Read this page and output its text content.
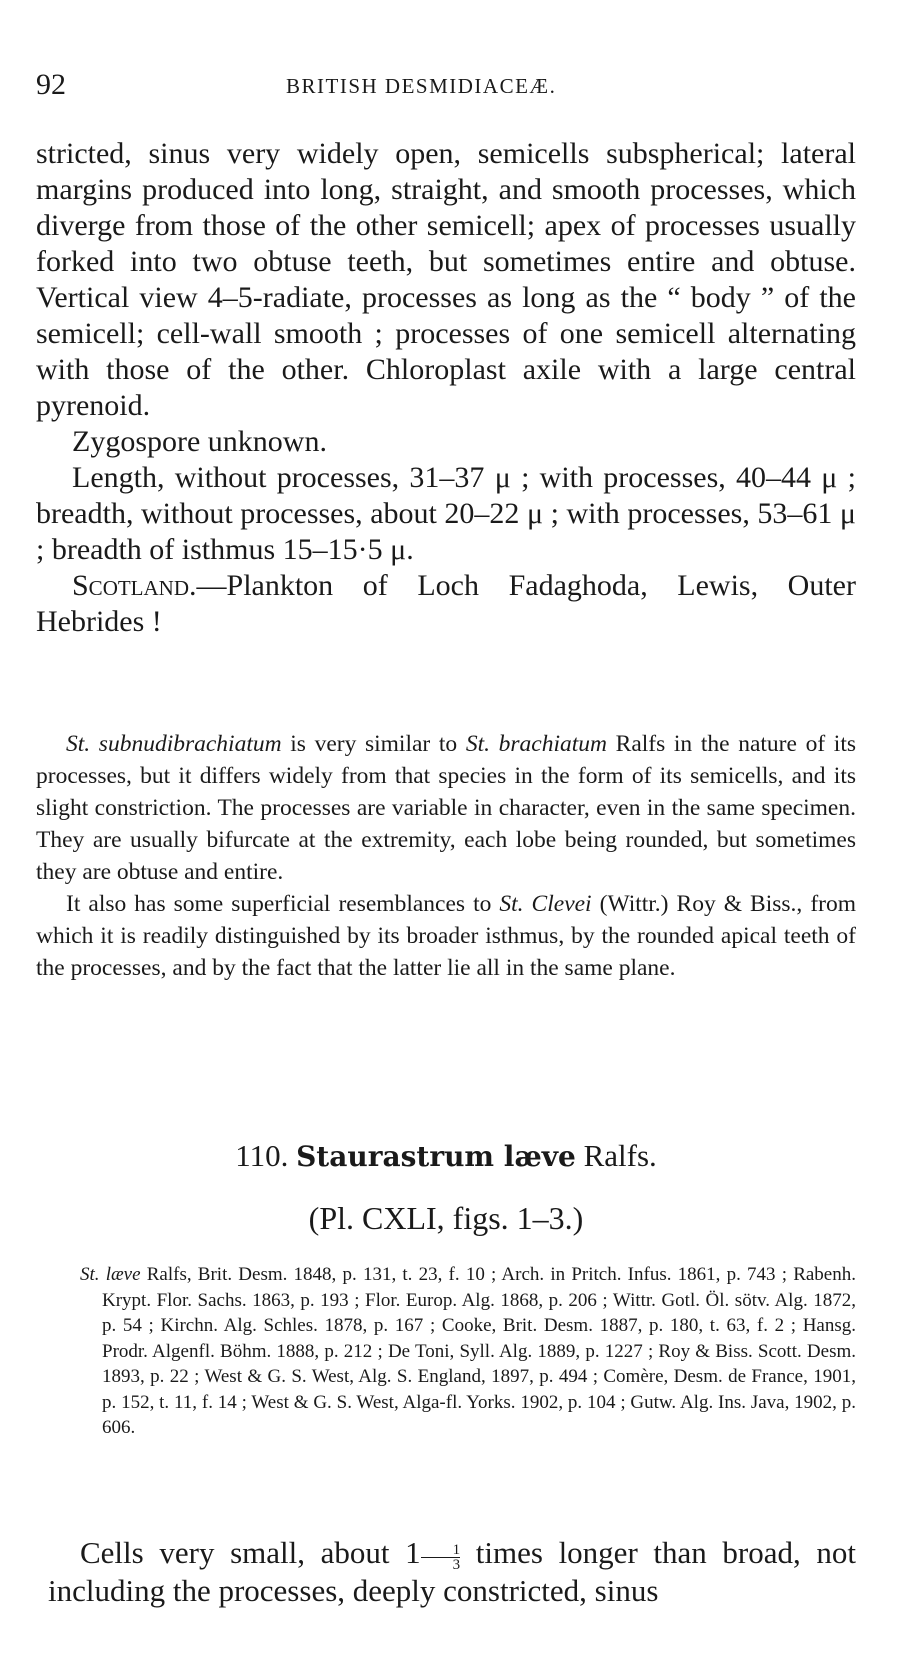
92	BRITISH DESMIDIACEÆ.

stricted, sinus very widely open, semicells subspherical; lateral margins produced into long, straight, and smooth processes, which diverge from those of the other semicell; apex of processes usually forked into two obtuse teeth, but sometimes entire and obtuse. Vertical view 4–5-radiate, processes as long as the “ body ” of the semicell; cell-wall smooth ; processes of one semicell alternating with those of the other. Chloroplast axile with a large central pyrenoid.

Zygospore unknown.

Length, without processes, 31–37 μ ; with processes, 40–44 μ ; breadth, without processes, about 20–22 μ ; with processes, 53–61 μ ; breadth of isthmus 15–15·5 μ.

Scotland.—Plankton of Loch Fadaghoda, Lewis, Outer Hebrides !

St. subnudibrachiatum is very similar to St. brachiatum Ralfs in the nature of its processes, but it differs widely from that species in the form of its semicells, and its slight constriction. The processes are variable in character, even in the same specimen. They are usually bifurcate at the extremity, each lobe being rounded, but sometimes they are obtuse and entire.

It also has some superficial resemblances to St. Clevei (Wittr.) Roy & Biss., from which it is readily distinguished by its broader isthmus, by the rounded apical teeth of the processes, and by the fact that the latter lie all in the same plane.

110. Staurastrum læve Ralfs.
(Pl. CXLI, figs. 1–3.)

St. læve Ralfs, Brit. Desm. 1848, p. 131, t. 23, f. 10 ; Arch. in Pritch. Infus. 1861, p. 743 ; Rabenh. Krypt. Flor. Sachs. 1863, p. 193 ; Flor. Europ. Alg. 1868, p. 206 ; Wittr. Gotl. Öl. sötv. Alg. 1872, p. 54 ; Kirchn. Alg. Schles. 1878, p. 167 ; Cooke, Brit. Desm. 1887, p. 180, t. 63, f. 2 ; Hansg. Prodr. Algenfl. Böhm. 1888, p. 212 ; De Toni, Syll. Alg. 1889, p. 1227 ; Roy & Biss. Scott. Desm. 1893, p. 22 ; West & G. S. West, Alg. S. England, 1897, p. 494 ; Comère, Desm. de France, 1901, p. 152, t. 11, f. 14 ; West & G. S. West, Alga-fl. Yorks. 1902, p. 104 ; Gutw. Alg. Ins. Java, 1902, p. 606.

Cells very small, about $1 \frac{1}{3}$ times longer than broad, not including the processes, deeply constricted, sinus
